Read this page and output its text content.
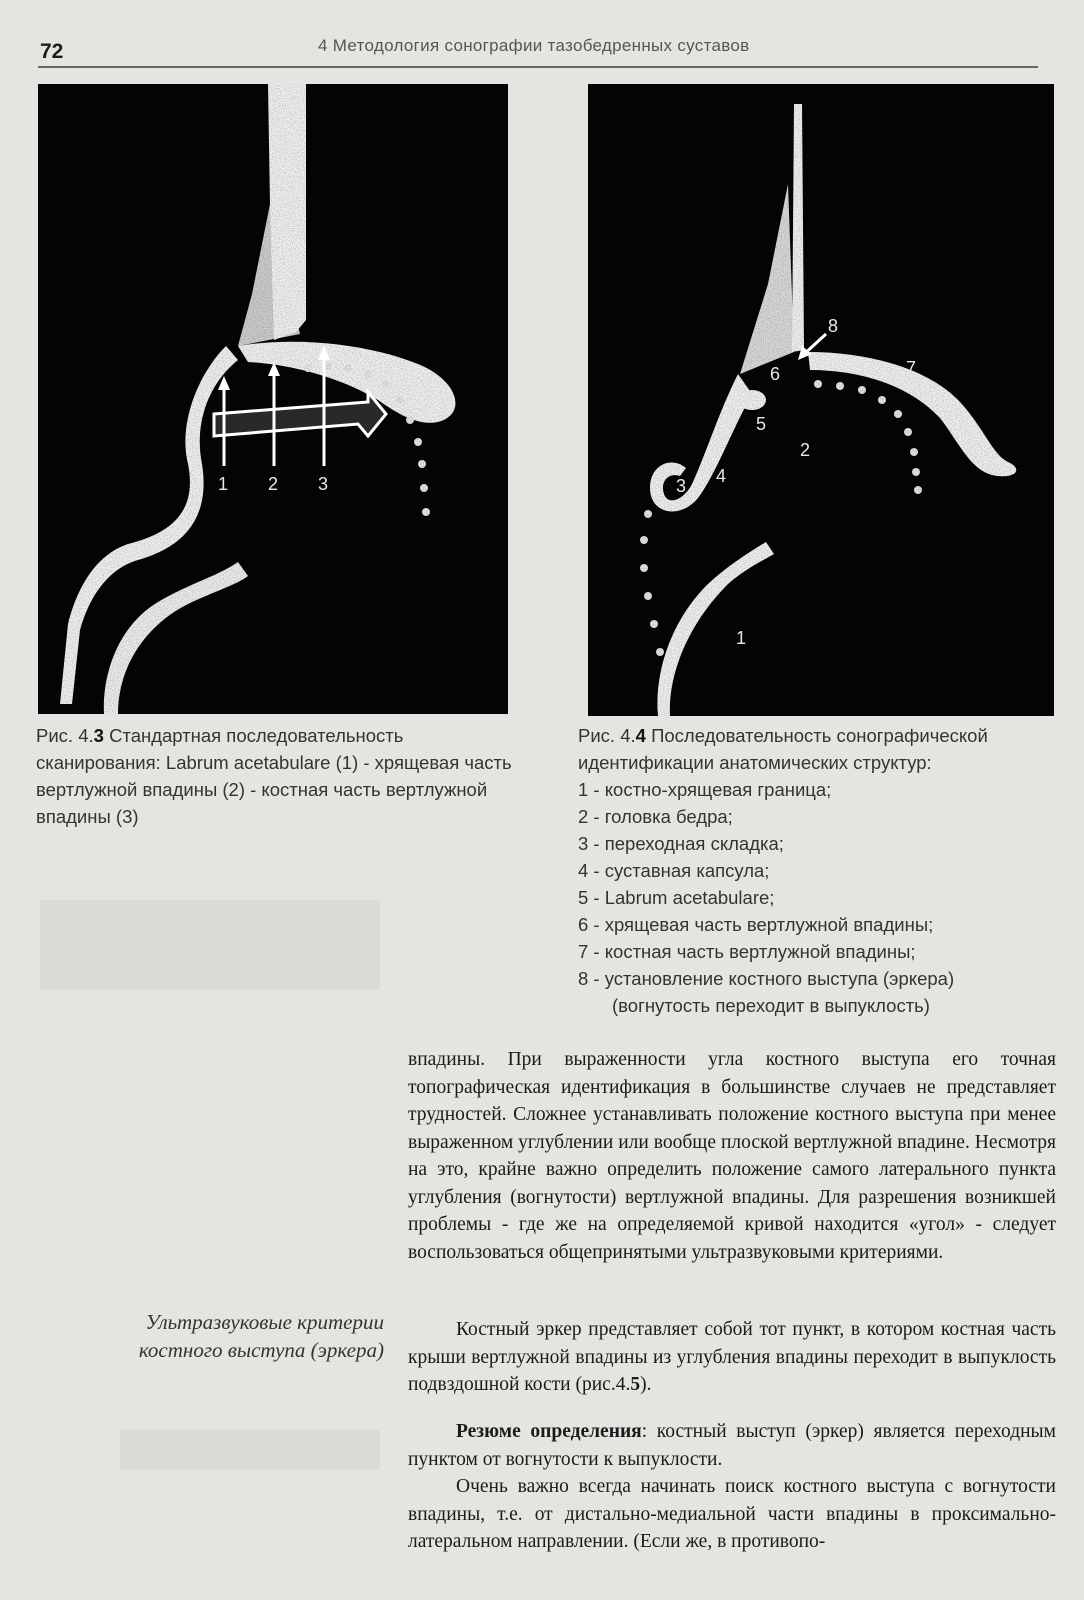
72	4 Методология сонографии тазобедренных суставов
1 2 3
1
2
3 4
5
6	7
8
Рис. 4.3 Стандартная последовательность сканирования: Labrum acetabulare (1) - хрящевая часть вертлужной впадины (2) - костная часть вертлужной впадины (3)
Рис. 4.4 Последовательность сонографической идентификации анатомических структур:
1 - костно-хрящевая граница;
2 - головка бедра;
3 - переходная складка;
4 - суставная капсула;
5 - Labrum acetabulare;
6 - хрящевая часть вертлужной впадины;
7 - костная часть вертлужной впадины;
8 - установление костного выступа (эркера)
(вогнутость переходит в выпуклость)

впадины. При выраженности угла костного выступа его точная топографическая идентификация в большинстве случаев не представляет трудностей. Сложнее устанавливать положение костного выступа при менее выраженном углублении или вообще плоской вертлужной впадине. Несмотря на это, крайне важно определить положение самого латерального пункта углубления (вогнутости) вертлужной впадины. Для разрешения возникшей проблемы - где же на определяемой кривой находится «угол» - следует воспользоваться общепринятыми ультразвуковыми критериями.

Ультразвуковые критерии
костного выступа (эркера)

Костный эркер представляет собой тот пункт, в котором костная часть крыши вертлужной впадины из углубления впадины переходит в выпуклость подвздошной кости (рис.4.5).

Резюме определения: костный выступ (эркер) является переходным пунктом от вогнутости к выпуклости.

Очень важно всегда начинать поиск костного выступа с вогнутости впадины, т.е. от дистально-медиальной части впадины в проксимально-латеральном направлении. (Если же, в противопо-
